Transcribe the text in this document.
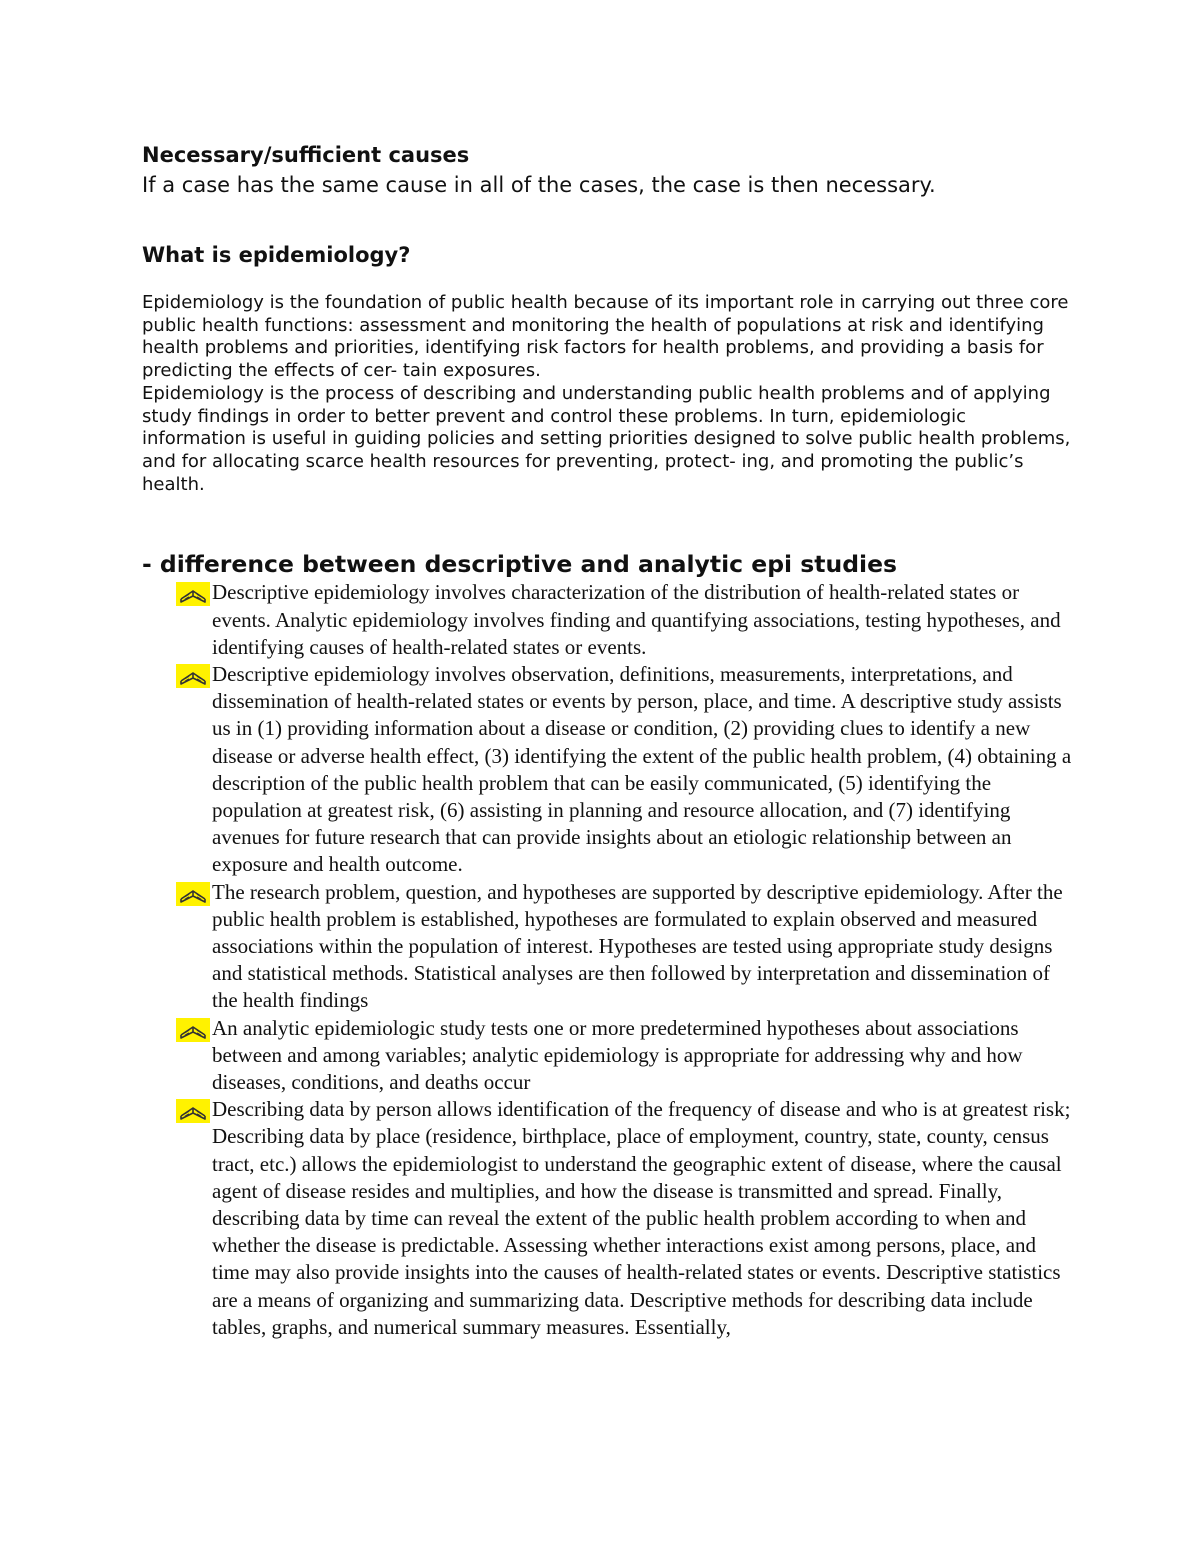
Necessary/sufficient causes

If a case has the same cause in all of the cases, the case is then necessary.

What is epidemiology?

Epidemiology is the foundation of public health because of its important role in carrying out three core public health functions: assessment and monitoring the health of populations at risk and identifying health problems and priorities, identifying risk factors for health problems, and providing a basis for predicting the effects of cer- tain exposures.

Epidemiology is the process of describing and understanding public health problems and of applying study findings in order to better prevent and control these problems. In turn, epidemiologic information is useful in guiding policies and setting priorities designed to solve public health problems, and for allocating scarce health resources for preventing, protect- ing, and promoting the public’s health.

- difference between descriptive and analytic epi studies
Descriptive epidemiology involves characterization of the distribution of health-related states or events. Analytic epidemiology involves finding and quantifying associations, testing hypotheses, and identifying causes of health-related states or events.
Descriptive epidemiology involves observation, definitions, measurements, interpretations, and dissemination of health-related states or events by person, place, and time. A descriptive study assists us in (1) providing information about a disease or condition, (2) providing clues to identify a new disease or adverse health effect, (3) identifying the extent of the public health problem, (4) obtaining a description of the public health problem that can be easily communicated, (5) identifying the population at greatest risk, (6) assisting in planning and resource allocation, and (7) identifying avenues for future research that can provide insights about an etiologic relationship between an exposure and health outcome.
The research problem, question, and hypotheses are supported by descriptive epidemiology. After the public health problem is established, hypotheses are formulated to explain observed and measured associations within the population of interest. Hypotheses are tested using appropriate study designs and statistical methods. Statistical analyses are then followed by interpretation and dissemination of the health findings
An analytic epidemiologic study tests one or more predetermined hypotheses about associations between and among variables; analytic epidemiology is appropriate for addressing why and how diseases, conditions, and deaths occur
Describing data by person allows identification of the frequency of disease and who is at greatest risk; Describing data by place (residence, birthplace, place of employment, country, state, county, census tract, etc.) allows the epidemiologist to understand the geographic extent of disease, where the causal agent of disease resides and multiplies, and how the disease is transmitted and spread. Finally, describing data by time can reveal the extent of the public health problem according to when and whether the disease is predictable. Assessing whether interactions exist among persons, place, and time may also provide insights into the causes of health-related states or events. Descriptive statistics are a means of organizing and summarizing data. Descriptive methods for describing data include tables, graphs, and numerical summary measures. Essentially,
